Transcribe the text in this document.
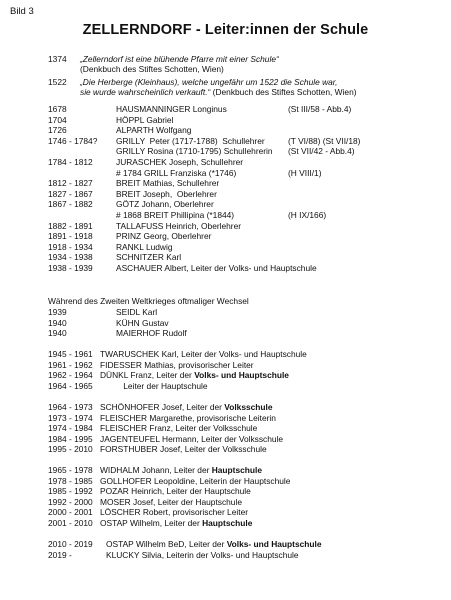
Bild 3
ZELLERNDORF - Leiter:innen der Schule
1374 „Zellerndorf ist eine blühende Pfarre mit einer Schule“
(Denkbuch des Stiftes Schotten, Wien)
1522 „Die Herberge (Kleinhaus), welche ungefähr um 1522 die Schule war,
sie wurde wahrscheinlich verkauft.“ (Denkbuch des Stiftes Schotten, Wien)
1678	HAUSMANNINGER Longinus	(St III/58 - Abb.4)
1704	HÖPPL Gabriel
1726	ALPARTH Wolfgang
1746 - 1784? GRILLY  Peter (1717-1788)  Schullehrer	(T VI/88) (St VII/18)
GRILLY Rosina (1710-1795) Schullehrerin (St VII/42 - Abb.4)
1784 - 1812	JURASCHEK Joseph, Schullehrer
# 1784 GRILL Franziska (*1746)	(H VIII/1)
1812 - 1827	BREIT Mathias, Schullehrer
1827 - 1867	BREIT Joseph,  Oberlehrer
1867 - 1882	GÖTZ Johann, Oberlehrer
# 1868 BREIT Phillipina (*1844)	(H IX/166)
1882 - 1891	TALLAFUSS Heinrich, Oberlehrer
1891 - 1918	PRINZ Georg, Oberlehrer
1918 - 1934	RANKL Ludwig
1934 - 1938	SCHNITZER Karl
1938 - 1939	ASCHAUER Albert, Leiter der Volks- und Hauptschule
Während des Zweiten Weltkrieges oftmaliger Wechsel
1939	SEIDL Karl
1940	KÜHN Gustav
1940	MAIERHOF Rudolf
1945 - 1961 TWARUSCHEK Karl, Leiter der Volks- und Hauptschule
1961 - 1962 FIDESSER Mathias, provisorischer Leiter
1962 - 1964 DÜNKL Franz, Leiter der Volks- und Hauptschule
1964 - 1965 Leiter der Hauptschule
1964 - 1973 SCHÖNHOFER Josef, Leiter der Volksschule
1973 - 1974 FLEISCHER Margarethe, provisorische Leiterin
1974 - 1984 FLEISCHER Franz, Leiter der Volksschule
1984 - 1995 JAGENTEUFEL Hermann, Leiter der Volksschule
1995 - 2010 FORSTHUBER Josef, Leiter der Volksschule
1965 - 1978 WIDHALM Johann, Leiter der Hauptschule
1978 - 1985 GOLLHOFER Leopoldine, Leiterin der Hauptschule
1985 - 1992 POZAR Heinrich, Leiter der Hauptschule
1992 - 2000 MOSER Josef, Leiter der Hauptschule
2000 - 2001 LÖSCHER Robert, provisorischer Leiter
2001 - 2010 OSTAP Wilhelm, Leiter der Hauptschule
2010 - 2019 OSTAP Wilhelm BeD, Leiter der Volks- und Hauptschule
2019 -	KLUCKY Silvia, Leiterin der Volks- und Hauptschule
